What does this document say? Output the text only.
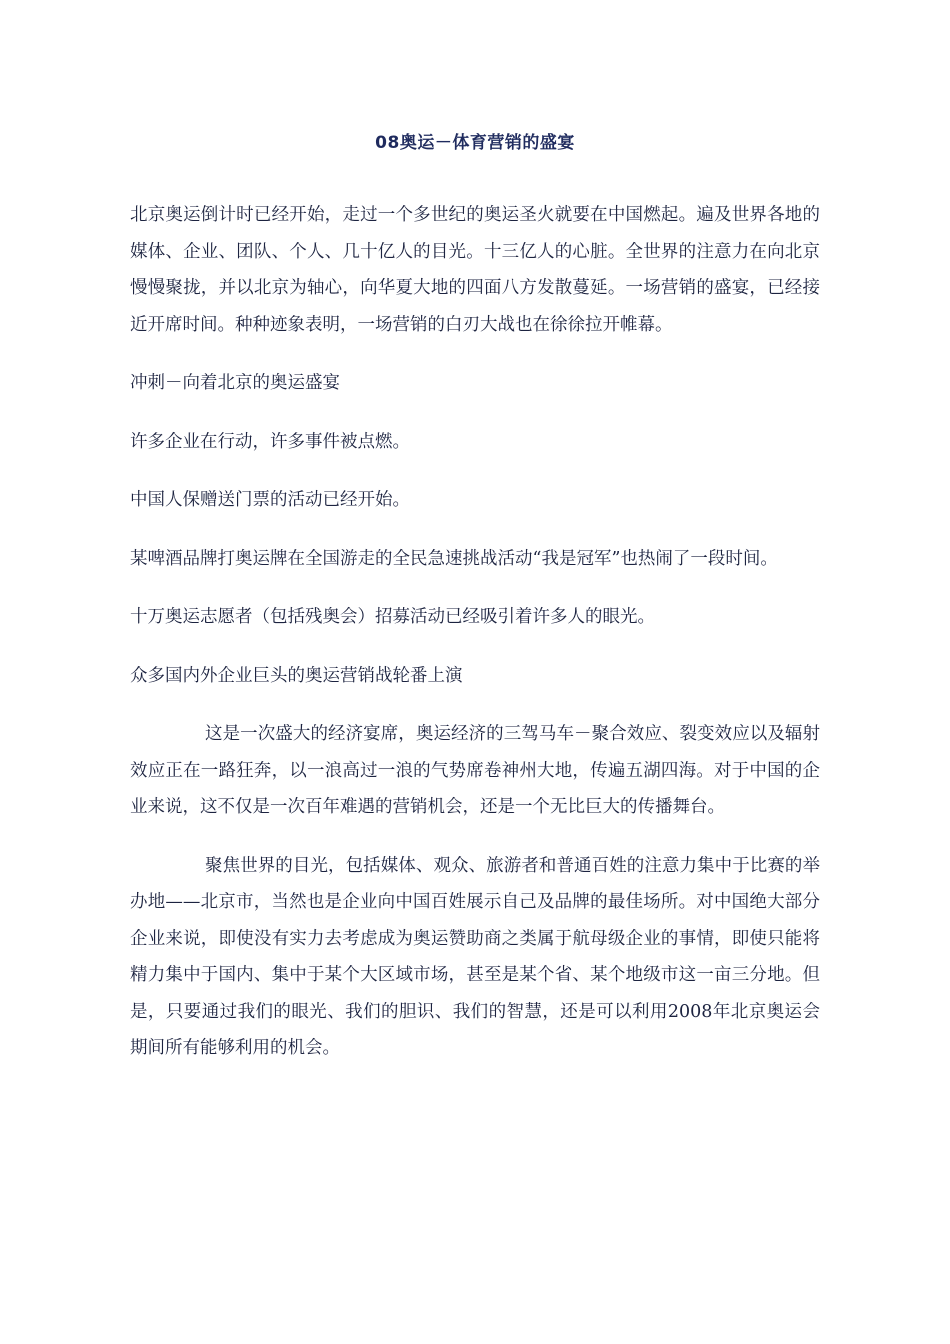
08奥运－体育营销的盛宴

北京奥运倒计时已经开始，走过一个多世纪的奥运圣火就要在中国燃起。遍及世界各地的媒体、企业、团队、个人、几十亿人的目光。十三亿人的心脏。全世界的注意力在向北京慢慢聚拢，并以北京为轴心，向华夏大地的四面八方发散蔓延。一场营销的盛宴，已经接近开席时间。种种迹象表明，一场营销的白刃大战也在徐徐拉开帷幕。

冲刺－向着北京的奥运盛宴

许多企业在行动，许多事件被点燃。

中国人保赠送门票的活动已经开始。

某啤酒品牌打奥运牌在全国游走的全民急速挑战活动“我是冠军”也热闹了一段时间。

十万奥运志愿者（包括残奥会）招募活动已经吸引着许多人的眼光。

众多国内外企业巨头的奥运营销战轮番上演

这是一次盛大的经济宴席，奥运经济的三驾马车－聚合效应、裂变效应以及辐射效应正在一路狂奔，以一浪高过一浪的气势席卷神州大地，传遍五湖四海。对于中国的企业来说，这不仅是一次百年难遇的营销机会，还是一个无比巨大的传播舞台。

聚焦世界的目光，包括媒体、观众、旅游者和普通百姓的注意力集中于比赛的举办地——北京市，当然也是企业向中国百姓展示自己及品牌的最佳场所。对中国绝大部分企业来说，即使没有实力去考虑成为奥运赞助商之类属于航母级企业的事情，即使只能将精力集中于国内、集中于某个大区域市场，甚至是某个省、某个地级市这一亩三分地。但是，只要通过我们的眼光、我们的胆识、我们的智慧，还是可以利用2008年北京奥运会期间所有能够利用的机会。
